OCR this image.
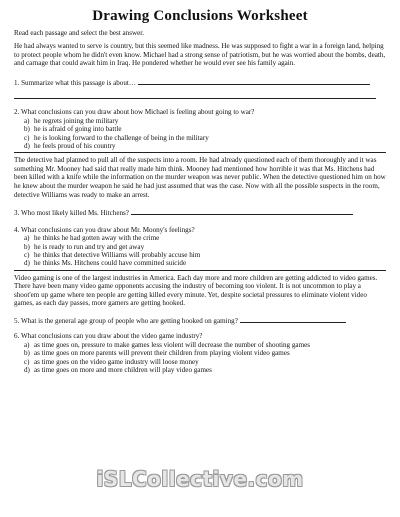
Drawing Conclusions Worksheet

Read each passage and select the best answer.

He had always wanted to serve is country, but this seemed like madness. He was supposed to fight a war in a foreign land, helping to protect people whom he didn't even know. Michael had a strong sense of patriotism, but he was worried about the bombs, death, and carnage that could await him in Iraq. He pondered whether he would ever see his family again.

1. Summarize what this passage is about…

2. What conclusions can you draw about how Michael is feeling about going to war?

a) he regrets joining the military
b) he is afraid of going into battle
c) he is looking forward to the challenge of being in the military
d) he feels proud of his country

The detective had planned to pull all of the suspects into a room. He had already questioned each of them thoroughly and it was something Mr. Mooney had said that really made him think. Mooney had mentioned how horrible it was that Ms. Hitchens had been killed with a knife while the information on the murder weapon was never public. When the detective questioned him on how he knew about the murder weapon he said he had just assumed that was the case. Now with all the possible suspects in the room, detective Williams was ready to make an arrest.

3. Who most likely killed Ms. Hitchens?

4. What conclusions can you draw about Mr. Moony's feelings?

a) he thinks he had gotten away with the crime
b) he is ready to run and try and get away
c) he thinks that detective Williams will probably accuse him
d) he thinks Ms. Hitchens could have committed suicide

Video gaming is one of the largest industries in America. Each day more and more children are getting addicted to video games. There have been many video game opponents accusing the industry of becoming too violent. It is not uncommon to play a shoot'em up game where ten people are getting killed every minute. Yet, despite societal pressures to eliminate violent video games, as each day passes, more gamers are getting hooked.

5. What is the general age group of people who are getting hooked on gaming?

6. What conclusions can you draw about the video game industry?

a) as time goes on, pressure to make games less violent will decrease the number of shooting games
b) as time goes on more parents will prevent their children from playing violent video games
c) as time goes on the video game industry will loose money
d) as time goes on more and more children will play video games
iSLCollective.com
